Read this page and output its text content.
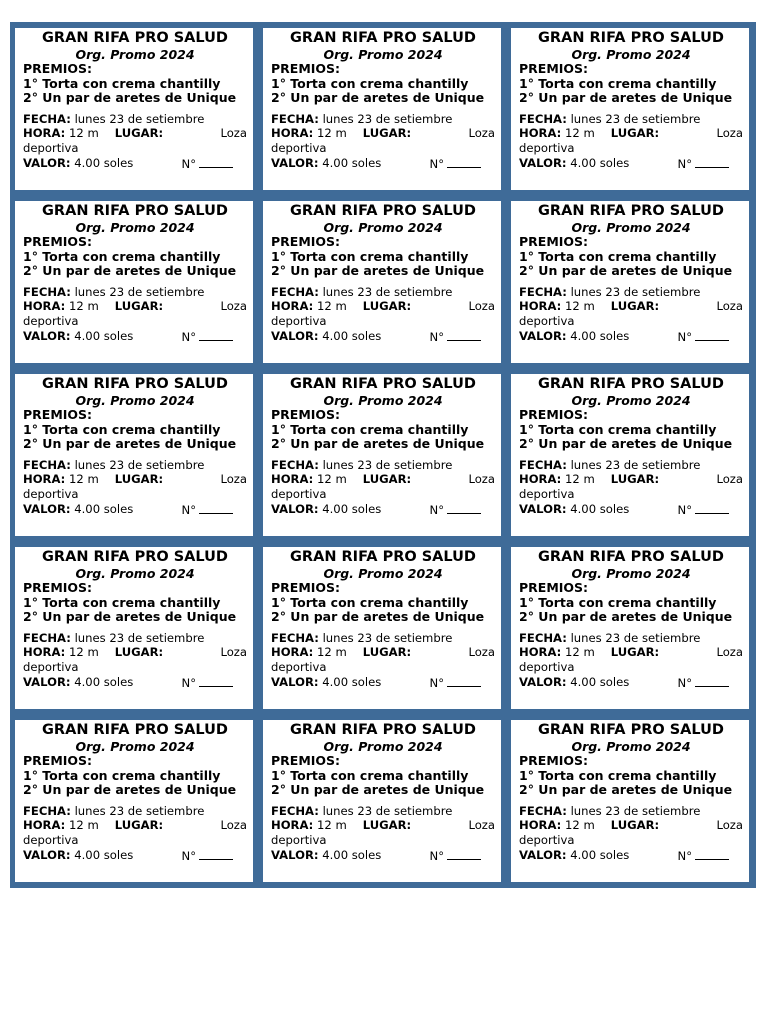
GRAN RIFA PRO SALUD
Org. Promo 2024
PREMIOS:
1° Torta con crema chantilly
2° Un par de aretes de Unique
FECHA:
lunes 23 de setiembre
HORA:
12 m LUGAR:	Loza
deportiva
VALOR:
4.00 soles	N°
GRAN RIFA PRO SALUD
Org. Promo 2024
PREMIOS:
1° Torta con crema chantilly
2° Un par de aretes de Unique
FECHA:
lunes 23 de setiembre
HORA:
12 m LUGAR:	Loza
deportiva
VALOR:
4.00 soles	N°
GRAN RIFA PRO SALUD
Org. Promo 2024
PREMIOS:
1° Torta con crema chantilly
2° Un par de aretes de Unique
FECHA:
lunes 23 de setiembre
HORA:
12 m LUGAR:	Loza
deportiva
VALOR:
4.00 soles	N°
GRAN RIFA PRO SALUD
Org. Promo 2024
PREMIOS:
1° Torta con crema chantilly
2° Un par de aretes de Unique
FECHA:
lunes 23 de setiembre
HORA:
12 m LUGAR:	Loza
deportiva
VALOR:
4.00 soles	N°
GRAN RIFA PRO SALUD
Org. Promo 2024
PREMIOS:
1° Torta con crema chantilly
2° Un par de aretes de Unique
FECHA:
lunes 23 de setiembre
HORA:
12 m LUGAR:	Loza
deportiva
VALOR:
4.00 soles	N°
GRAN RIFA PRO SALUD
Org. Promo 2024
PREMIOS:
1° Torta con crema chantilly
2° Un par de aretes de Unique
FECHA:
lunes 23 de setiembre
HORA:
12 m LUGAR:	Loza
deportiva
VALOR:
4.00 soles	N°
GRAN RIFA PRO SALUD
Org. Promo 2024
PREMIOS:
1° Torta con crema chantilly
2° Un par de aretes de Unique
FECHA:
lunes 23 de setiembre
HORA:
12 m LUGAR:	Loza
deportiva
VALOR:
4.00 soles	N°
GRAN RIFA PRO SALUD
Org. Promo 2024
PREMIOS:
1° Torta con crema chantilly
2° Un par de aretes de Unique
FECHA:
lunes 23 de setiembre
HORA:
12 m LUGAR:	Loza
deportiva
VALOR:
4.00 soles	N°
GRAN RIFA PRO SALUD
Org. Promo 2024
PREMIOS:
1° Torta con crema chantilly
2° Un par de aretes de Unique
FECHA:
lunes 23 de setiembre
HORA:
12 m LUGAR:	Loza
deportiva
VALOR:
4.00 soles	N°
GRAN RIFA PRO SALUD
Org. Promo 2024
PREMIOS:
1° Torta con crema chantilly
2° Un par de aretes de Unique
FECHA:
lunes 23 de setiembre
HORA:
12 m LUGAR:	Loza
deportiva
VALOR:
4.00 soles	N°
GRAN RIFA PRO SALUD
Org. Promo 2024
PREMIOS:
1° Torta con crema chantilly
2° Un par de aretes de Unique
FECHA:
lunes 23 de setiembre
HORA:
12 m LUGAR:	Loza
deportiva
VALOR:
4.00 soles	N°
GRAN RIFA PRO SALUD
Org. Promo 2024
PREMIOS:
1° Torta con crema chantilly
2° Un par de aretes de Unique
FECHA:
lunes 23 de setiembre
HORA:
12 m LUGAR:	Loza
deportiva
VALOR:
4.00 soles	N°
GRAN RIFA PRO SALUD
Org. Promo 2024
PREMIOS:
1° Torta con crema chantilly
2° Un par de aretes de Unique
FECHA:
lunes 23 de setiembre
HORA:
12 m LUGAR:	Loza
deportiva
VALOR:
4.00 soles	N°
GRAN RIFA PRO SALUD
Org. Promo 2024
PREMIOS:
1° Torta con crema chantilly
2° Un par de aretes de Unique
FECHA:
lunes 23 de setiembre
HORA:
12 m LUGAR:	Loza
deportiva
VALOR:
4.00 soles	N°
GRAN RIFA PRO SALUD
Org. Promo 2024
PREMIOS:
1° Torta con crema chantilly
2° Un par de aretes de Unique
FECHA:
lunes 23 de setiembre
HORA:
12 m LUGAR:	Loza
deportiva
VALOR:
4.00 soles	N°
